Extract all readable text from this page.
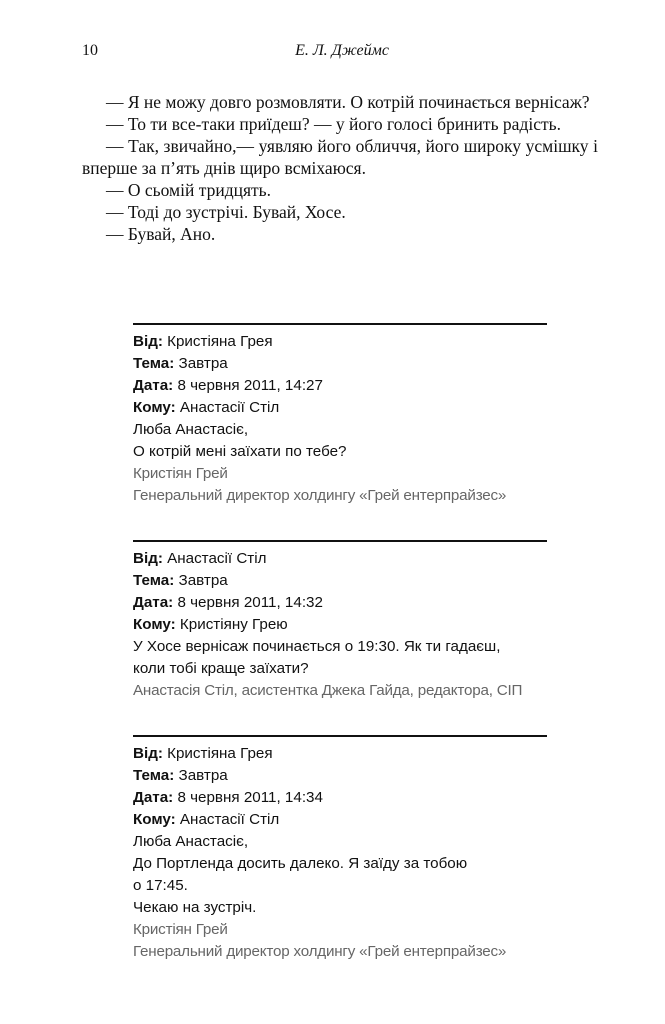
10	Е. Л. Джеймс

— Я не можу довго розмовляти. О котрій починається вернісаж?

— То ти все-таки приїдеш? — у його голосі бринить радість.

— Так, звичайно,— уявляю його обличчя, його широку усмішку і вперше за п’ять днів щиро всміхаюся.

— О сьомій тридцять.

— Тоді до зустрічі. Бувай, Хосе.

— Бувай, Ано.

Від: Кристіяна Грея
Тема: Завтра
Дата: 8 червня 2011, 14:27
Кому: Анастасії Стіл
Люба Анастасіє,
О котрій мені заїхати по тебе?
Кристіян Грей
Генеральний директор холдингу «Грей ентерпрайзес»
Від: Анастасії Стіл
Тема: Завтра
Дата: 8 червня 2011, 14:32
Кому: Кристіяну Грею
У Хосе вернісаж починається о 19:30. Як ти гадаєш,
коли тобі краще заїхати?
Анастасія Стіл, асистентка Джека Гайда, редактора, СІП
Від: Кристіяна Грея
Тема: Завтра
Дата: 8 червня 2011, 14:34
Кому: Анастасії Стіл
Люба Анастасіє,
До Портленда досить далеко. Я заїду за тобою
о 17:45.
Чекаю на зустріч.
Кристіян Грей
Генеральний директор холдингу «Грей ентерпрайзес»
